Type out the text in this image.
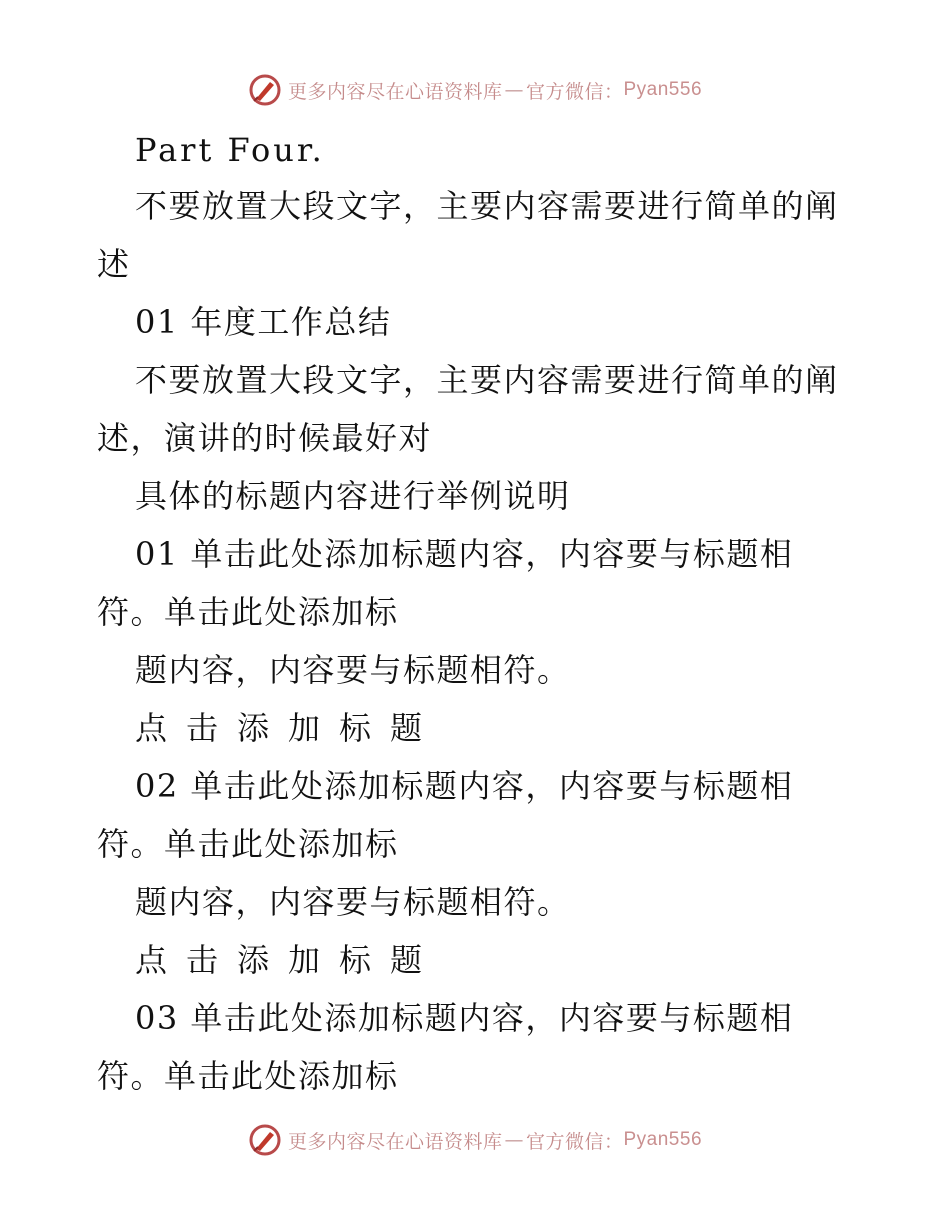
更多内容尽在心语资料库 — 官方微信： Pyan556
Part Four.
不要放置大段文字，主要内容需要进行简单的阐
述
01 年度工作总结
不要放置大段文字，主要内容需要进行简单的阐
述，演讲的时候最好对
具体的标题内容进行举例说明
01 单击此处添加标题内容，内容要与标题相
符。单击此处添加标
题内容，内容要与标题相符。
点击添加标题
02 单击此处添加标题内容，内容要与标题相
符。单击此处添加标
题内容，内容要与标题相符。
点击添加标题
03 单击此处添加标题内容，内容要与标题相
符。单击此处添加标
更多内容尽在心语资料库 — 官方微信： Pyan556
